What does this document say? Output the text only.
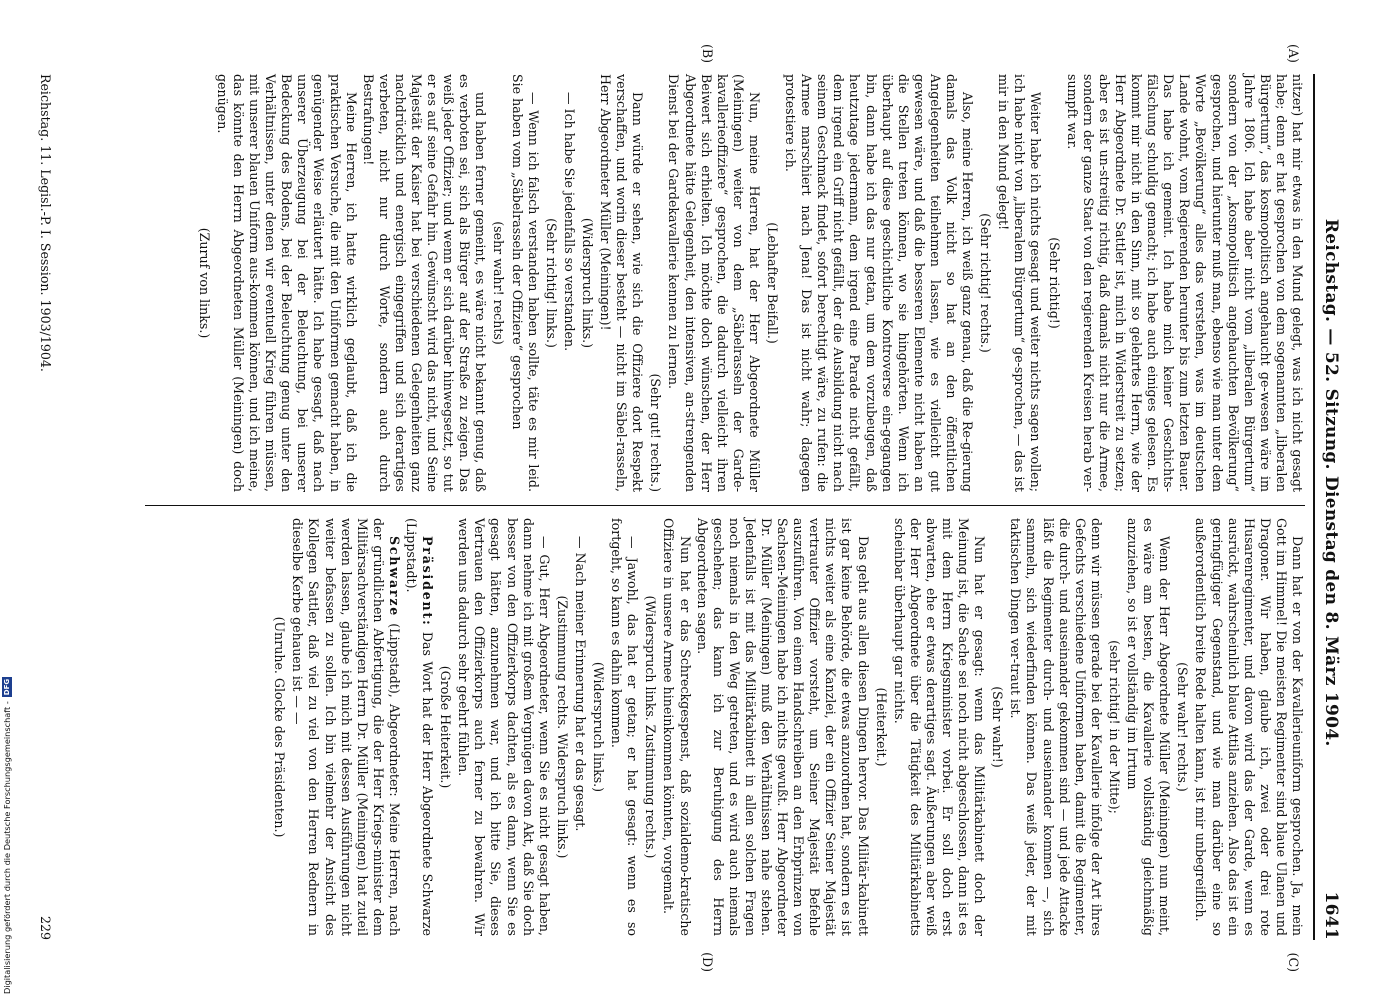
Reichstag. — 52. Sitzung. Dienstag den 8. März 1904.
1641

nitzer) hat mir etwas in den Mund gelegt, was ich nicht gesagt habe; denn er hat gesprochen von dem sogenannten „liberalen Bürgertum“, das kosmopolitisch angehaucht ge-wesen wäre im Jahre 1806. Ich habe aber nicht vom „liberalen Bürgertum“ sondern von der „kosmopolitisch angehauchten Bevölkerung“ gesprochen, und hierunter muß man, ebenso wie man unter dem Worte „Bevölkerung“ alles das verstehen, was im deutschen Lande wohnt, vom Regierenden herunter bis zum letzten Bauer. Das habe ich gemeint. Ich habe mich keiner Geschichts-fälschung schuldig gemacht; ich habe auch einiges gelesen. Es kommt mir nicht in den Sinn, mit so gelehrtes Herrn, wie der Herr Abgeordnete Dr. Sattler ist, mich in Widerstreit zu setzen; aber es ist un-streitig richtig, daß damals nicht nur die Armee, sondern der ganze Staat von den regierenden Kreisen herab ver-sumpft war.

(Sehr richtig!)

Weiter habe ich nichts gesagt und weiter nichts sagen wollen; ich habe nicht von „liberalem Bürgertum“ ge-sprochen, — das ist mir in den Mund gelegt!

(Sehr richtig! rechts.)

Also, meine Herren, ich weiß ganz genau, daß die Re-gierung damals das Volk nicht so hat an den öffentlichen Angelegenheiten teilnehmen lassen, wie es vielleicht gut gewesen wäre, und daß die besseren Elemente nicht haben an die Stellen treten können, wo sie hingehörten. Wenn ich überhaupt auf diese geschichtliche Kontroverse ein-gegangen bin, dann habe ich das nur getan, um dem vorzubeugen, daß heutzutage jedermann, dem irgend eine Parade nicht gefällt, dem irgend ein Griff nicht gefällt, der die Ausbildung nicht nach seinem Geschmack findet, sofort berechtigt wäre, zu rufen: die Armee marschiert nach Jena! Das ist nicht wahr; dagegen protestiere ich.

(Lebhafter Beifall.)

Nun, meine Herren, hat der Herr Abgeordnete Müller (Meiningen) weiter von dem „Säbelrasseln der Garde-kavallerieoffiziere“ gesprochen, die dadurch vielleicht ihren Beiwert sich erhielten. Ich möchte doch wünschen, der Herr Abgeordnete hätte Gelegenheit, den intensiven, an-strengenden Dienst bei der Gardekavallerie kennen zu lernen.

(Sehr gut! rechts.)

Dann würde er sehen, wie sich die Offiziere dort Respekt verschaffen, und worin dieser besteht — nicht im Säbel-rasseln, Herr Abgeordneter Müller (Meiningen)!

(Widerspruch links.)

— Ich habe Sie jedenfalls so verstanden.

(Sehr richtig! links.)

— Wenn ich falsch verstanden haben sollte, täte es mir leid. Sie haben vom „Säbelrasseln der Offiziere“ gesprochen

(sehr wahr! rechts)

und haben ferner gemeint, es wäre nicht bekannt genug, daß es verboten sei, sich als Bürger auf der Straße zu zeigen. Das weiß jeder Offizier; und wenn er sich darüber hinwegsetzt, so tut er es auf seine Gefahr hin. Gewünscht wird das nicht, und Seine Majestät der Kaiser hat bei verschiedenen Gelegenheiten ganz nachdrücklich und energisch eingegriffen und sich derartiges verbeten, nicht nur durch Worte, sondern auch durch Bestrafungen!

Meine Herren, ich hatte wirklich geglaubt, daß ich die praktischen Versuche, die mit den Uniformen gemacht haben, in genügender Weise erläutert hätte. Ich habe gesagt, daß nach unserer Überzeugung bei der Beleuchtung, bei unserer Bedeckung des Bodens, bei der Beleuchtung genug unter den Verhältnissen, unter denen wir eventuell Krieg führen müssen, mit unserer blauen Uniform aus-kommen können, und ich meine, das könnte den Herrn Abgeordneten Müller (Meiningen) doch genügen.

(Zuruf von links.)

Dann hat er von der Kavallerieuniform gesprochen. Ja, mein Gott im Himmel! Die meisten Regimenter sind blaue Ulanen und Dragoner. Wir haben, glaube ich, zwei oder drei rote Husarenregimenter, und davon wird das der Garde, wenn es ausrückt, wahrscheinlich blaue Attilas anziehen. Also das ist ein geringfügiger Gegenstand, und wie man darüber eine so außerordentlich breite Rede halten kann, ist mir unbegreiflich.

(Sehr wahr! rechts.)

Wenn der Herr Abgeordnete Müller (Meiningen) nun meint, es wäre am besten, die Kavallerie vollständig gleichmäßig anzuziehen, so ist er vollständig im Irrtum

(sehr richtig! in der Mitte);

denn wir müssen gerade bei der Kavallerie infolge der Art ihres Gefechts verschiedene Uniformen haben, damit die Regimenter, die durch- und auseinander gekommen sind — und jede Attacke läßt die Regimenter durch- und auseinander kommen —, sich sammeln, sich wiederfinden können. Das weiß jeder, der mit taktischen Dingen ver-traut ist.

(Sehr wahr!)

Nun hat er gesagt: wenn das Militärkabinett doch der Meinung ist, die Sache sei noch nicht abgeschlossen, dann ist es mit dem Herrn Kriegsminister vorbei. Er soll doch erst abwarten, ehe er etwas derartiges sagt. Äußerungen aber weiß der Herr Abgeordnete über die Tätigkeit des Militärkabinetts scheinbar überhaupt gar nichts.

(Heiterkeit.)

Das geht aus allen diesen Dingen hervor. Das Militär-kabinett ist gar keine Behörde, die etwas anzuordnen hat, sondern es ist nichts weiter als eine Kanzlei, der ein Offizier Seiner Majestät vertrauter Offizier vorsteht, um Seiner Majestät Befehle auszuführen. Von einem Handschreiben an den Erbprinzen von Sachsen-Meiningen habe ich nichts gewußt. Herr Abgeordneter Dr. Müller (Meiningen) muß den Verhältnissen nahe stehen. Jedenfalls ist mit das Militärkabinett in allen solchen Fragen noch niemals in den Weg getreten, und es wird auch niemals geschehen; das kann ich zur Beruhigung des Herrn Abgeordneten sagen.

Nun hat er das Schreckgespenst, daß sozialdemo-kratische Offiziere in unsere Armee hineinkommen könnten, vorgemalt.

(Widerspruch links. Zustimmung rechts.)

— Jawohl, das hat er getan; er hat gesagt: wenn es so fortgeht, so kann es dahin kommen.

(Widerspruch links.)

— Nach meiner Erinnerung hat er das gesagt.

(Zustimmung rechts. Widerspruch links.)

— Gut, Herr Abgeordneter, wenn Sie es nicht gesagt haben, dann nehme ich mit großem Vergnügen davon Akt, daß Sie doch besser von den Offizierkorps dachten, als es dann, wenn Sie es gesagt hätten, anzunehmen war, und ich bitte Sie, dieses Vertrauen den Offizierkorps auch ferner zu bewahren. Wir werden uns dadurch sehr geehrt fühlen.

(Große Heiterkeit.)

Präsident: Das Wort hat der Herr Abgeordnete Schwarze (Lippstadt).

Schwarze (Lippstadt), Abgeordneter: Meine Herren, nach der gründlichen Abfertigung, die der Herr Kriegs-minister dem Militärsachverständigen Herrn Dr. Müller (Meiningen) hat zuteil werden lassen, glaube ich mich mit dessen Ausführungen nicht weiter befassen zu sollen. Ich bin vielmehr der Ansicht des Kollegen Sattler, daß viel zu viel von den Herren Rednern in dieselbe Kerbe gehauen ist — —

(Unruhe. Glocke des Präsidenten.)

(A)
(B)
(C)
(D)
Reichstag. 11. Legisl.-P. I. Session. 1903/1904.
229
Digitalisierung gefördert durch die Deutsche Forschungsgemeinschaft -
DFG
